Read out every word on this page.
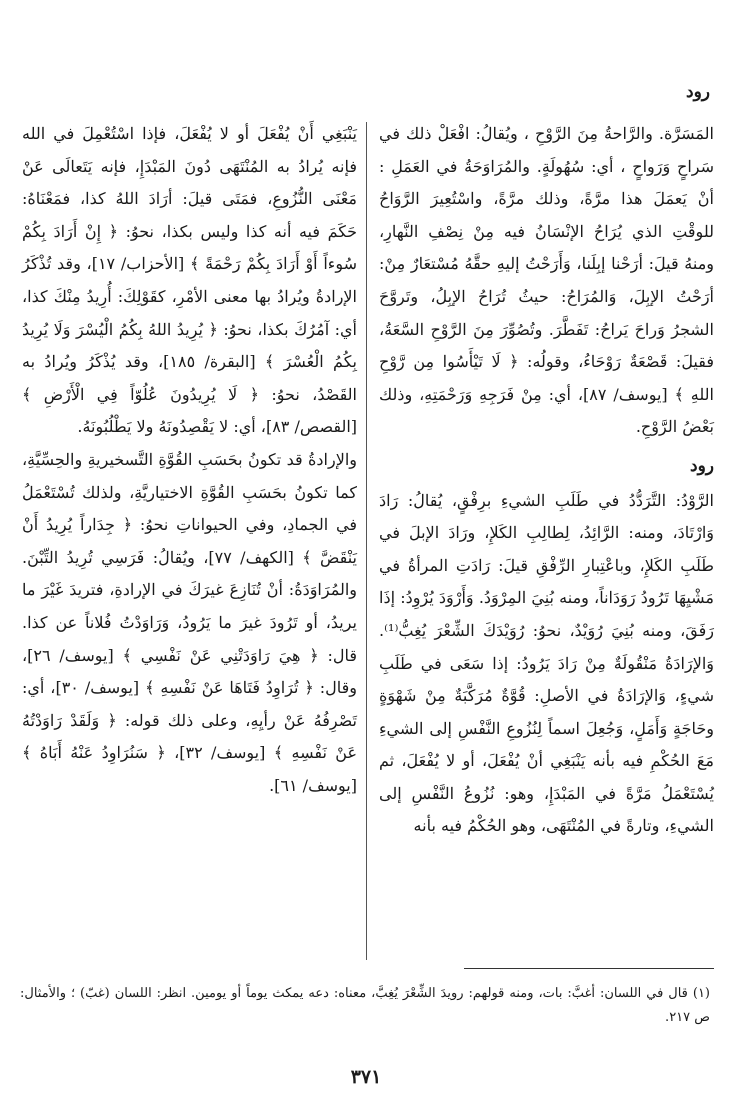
رود

المَسَرَّة. والرَّاحةُ مِنَ الرَّوْحِ ، ويُقالُ: افْعَلْ ذلك في سَراحٍ وَرَواحٍ ، أي: سُهُولَةٍ. والمُرَاوَحَةُ في العَمَلِ : أنْ يَعمَلَ هذا مرَّةً، وذلك مرَّةً، واسْتُعِيرَ الرَّوَاحُ للوقْتِ الذي يُرَاحُ الإنْسَانُ فيه مِنْ نِصْفِ النَّهارِ، ومنهُ قيلَ: أرَحْنا إبِلَنا، وَأَرَحْتُ إليهِ حقَّهُ مُسْتعَارٌ مِنْ: أرَحْتُ الإبِلَ، وَالمُرَاحُ: حيثُ تُرَاحُ الإبِلُ، وتَروَّحَ الشجرُ وَراحَ يَراحُ: تَفَطَّرَ. وتُصُوِّرَ مِنَ الرَّوْحِ السَّعَةُ، فقيلَ: قَصْعَةٌ رَوْحَاءُ، وقولُه: ﴿ لَا تَيْأَسُوا مِن رَّوْحِ اللهِ ﴾ [يوسف/ ٨٧]، أي: مِنْ فَرَجِهِ وَرَحْمَتِهِ، وذلك بَعْضُ الرَّوْحِ.

رود

الرَّوْدُ: التَّرَدُّدُ في طَلَبِ الشيءِ برِفْقٍ، يُقالُ: رَادَ وَارْتَادَ، ومنه: الرَّائِدُ، لِطالِبِ الكَلإِ، ورَادَ الإبلَ في طَلَبِ الكَلإِ، وباعْتِبارِ الرِّفْقِ قيلَ: رَادَتِ المرأةُ في مَشْيِهَا تَرُودُ رَوَدَاناً، ومنه بُنِيَ المِرْوَدُ. وَأَرْوَدَ يُرْوِدُ: إذَا رَفَقَ، ومنه بُنِيَ رُوَيْدٌ، نحوُ: رُوَيْدَكَ الشِّعْرَ يُغِبُّ⁽¹⁾. وَالإرَادَةُ مَنْقُولَةٌ مِنْ رَادَ يَرُودُ: إذا سَعَى في طَلَبِ شيءٍ، وَالإرَادَةُ في الأصلِ: قُوَّةٌ مُرَكَّبَةٌ مِنْ شَهْوَةٍ وحَاجَةٍ وَأَمَلٍ، وَجُعِلَ اسماً لِنُزُوعِ النَّفْسِ إلى الشيءِ مَعَ الحُكْمِ فيه بأنه يَنْبَغِي أنْ يُفْعَلَ، أو لا يُفْعَلَ، ثم يُسْتَعْمَلُ مَرَّةً في المَبْدَإِ، وهو: نُزُوعُ النَّفْسِ إلى الشيءِ، وتارةً في المُنْتَهَى، وهو الحُكْمُ فيه بأنه

يَنْبَغِي أَنْ يُفْعَلَ أو لا يُفْعَلَ، فإذا اسْتُعْمِلَ في الله فإنه يُرادُ به المُنْتَهَى دُونَ المَبْدَإِ، فإنه يَتَعالَى عَنْ مَعْنَى النُّزُوعِ، فمَتَى قيلَ: أرَادَ اللهُ كذا، فمَعْنَاهُ: حَكَمَ فيه أنه كذا وليس بكذا، نحوُ: ﴿ إِنْ أَرَادَ بِكُمْ سُوءاً أَوْ أَرَادَ بِكُمْ رَحْمَةً ﴾ [الأحزاب/ ١٧]، وقد تُذْكَرُ الإرادةُ ويُرادُ بها معنى الأمْرِ، كقَوْلِكَ: أُرِيدُ مِنْكَ كذا، أي: آمُرُكَ بكذا، نحوُ: ﴿ يُرِيدُ اللهُ بِكُمُ الْيُسْرَ وَلَا يُرِيدُ بِكُمُ الْعُسْرَ ﴾ [البقرة/ ١٨٥]، وقد يُذْكَرُ ويُرادُ به القَصْدُ، نحوُ: ﴿ لَا يُرِيدُونَ عُلُوّاً فِي الْأَرْضِ ﴾ [القصص/ ٨٣]، أي: لا يَقْصِدُونَهُ ولا يَطْلُبُونَهُ.

والإرادةُ قد تكونُ بحَسَبِ القُوَّةِ التَّسخيريةِ والحِسِّيَّةِ، كما تكونُ بحَسَبِ القُوَّةِ الاختياريَّةِ، ولذلك تُسْتَعْمَلُ في الجمادِ، وفي الحيواناتِ نحوُ: ﴿ جِدَاراً يُرِيدُ أَنْ يَنْقَضَّ ﴾ [الكهف/ ٧٧]، ويُقالُ: فَرَسِي تُرِيدُ التِّبْنَ. والمُرَاوَدَةُ: أنْ تُنَازِعَ غيرَكَ في الإرادةِ، فتريدَ غَيْرَ ما يريدُ، أو تَرُودَ غيرَ ما يَرُودُ، وَرَاوَدْتُ فُلاناً عن كذا. قال: ﴿ هِيَ رَاوَدَتْنِي عَنْ نَفْسِي ﴾ [يوسف/ ٢٦]، وقال: ﴿ تُرَاوِدُ فَتَاهَا عَنْ نَفْسِهِ ﴾ [يوسف/ ٣٠]، أي: تَصْرِفُهُ عَنْ رأيِهِ، وعلى ذلك قوله: ﴿ وَلَقَدْ رَاوَدْتُهُ عَنْ نَفْسِهِ ﴾ [يوسف/ ٣٢]، ﴿ سَنُرَاوِدُ عَنْهُ أَبَاهُ ﴾ [يوسف/ ٦١].

(١) قال في اللسان: أغبَّ: بات، ومنه قولهم: رويدَ الشِّعْرَ يُغِبَّ، معناه: دعه يمكث يوماً أو يومين. انظر: اللسان (غبّ) ؛ والأمثال: ص ٢١٧.
٣٧١
